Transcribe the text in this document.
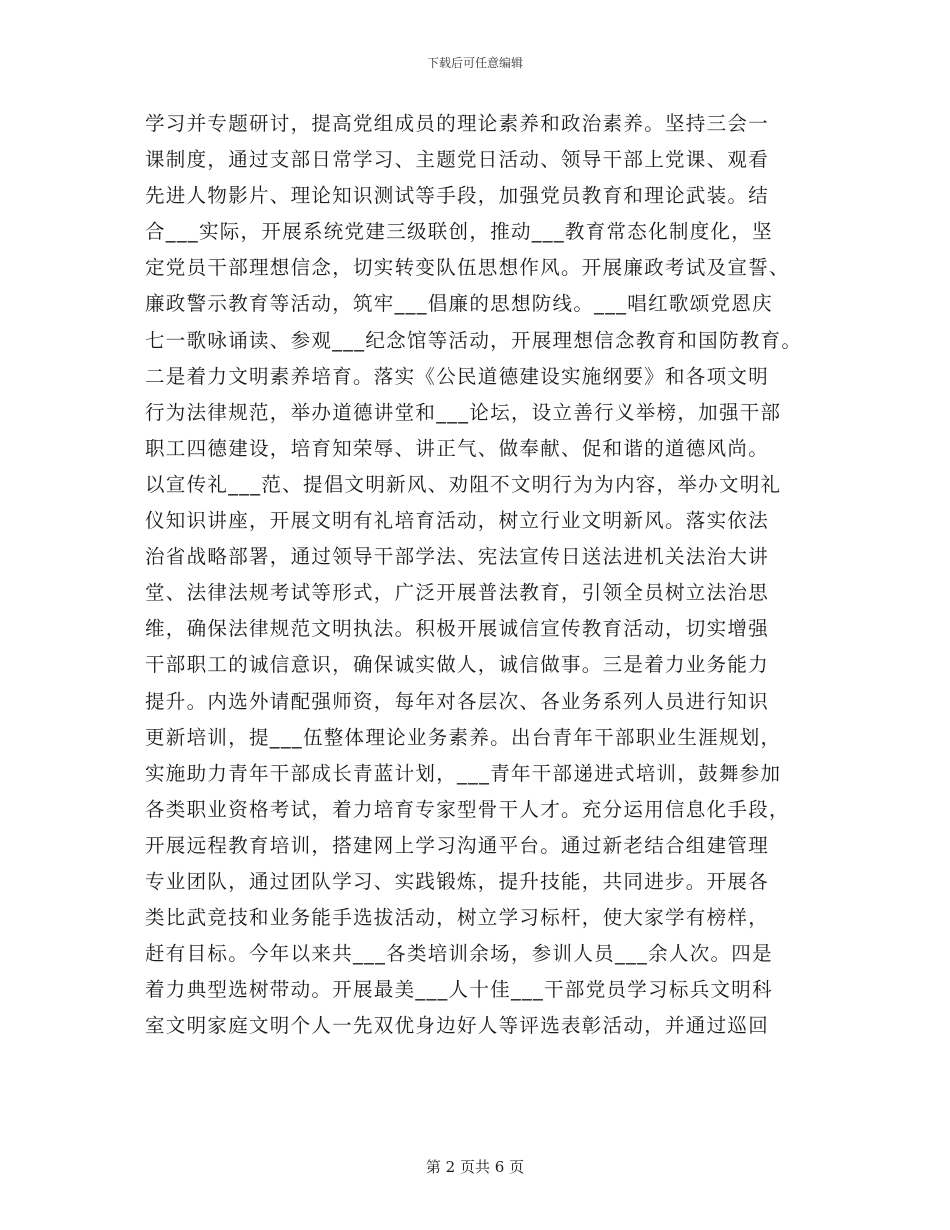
下载后可任意编辑
学习并专题研讨，提高党组成员的理论素养和政治素养。坚持三会一
课制度，通过支部日常学习、主题党日活动、领导干部上党课、观看
先进人物影片、理论知识测试等手段，加强党员教育和理论武装。结
合___实际，开展系统党建三级联创，推动___教育常态化制度化，坚
定党员干部理想信念，切实转变队伍思想作风。开展廉政考试及宣誓、
廉政警示教育等活动，筑牢___倡廉的思想防线。___唱红歌颂党恩庆
七一歌咏诵读、参观___纪念馆等活动，开展理想信念教育和国防教育。
二是着力文明素养培育。落实《公民道德建设实施纲要》和各项文明
行为法律规范，举办道德讲堂和___论坛，设立善行义举榜，加强干部
职工四德建设，培育知荣辱、讲正气、做奉献、促和谐的道德风尚。
以宣传礼___范、提倡文明新风、劝阻不文明行为为内容，举办文明礼
仪知识讲座，开展文明有礼培育活动，树立行业文明新风。落实依法
治省战略部署，通过领导干部学法、宪法宣传日送法进机关法治大讲
堂、法律法规考试等形式，广泛开展普法教育，引领全员树立法治思
维，确保法律规范文明执法。积极开展诚信宣传教育活动，切实增强
干部职工的诚信意识，确保诚实做人，诚信做事。三是着力业务能力
提升。内选外请配强师资，每年对各层次、各业务系列人员进行知识
更新培训，提___伍整体理论业务素养。出台青年干部职业生涯规划，
实施助力青年干部成长青蓝计划，___青年干部递进式培训，鼓舞参加
各类职业资格考试，着力培育专家型骨干人才。充分运用信息化手段，
开展远程教育培训，搭建网上学习沟通平台。通过新老结合组建管理
专业团队，通过团队学习、实践锻炼，提升技能，共同进步。开展各
类比武竞技和业务能手选拔活动，树立学习标杆，使大家学有榜样，
赶有目标。今年以来共___各类培训余场，参训人员___余人次。四是
着力典型选树带动。开展最美___人十佳___干部党员学习标兵文明科
室文明家庭文明个人一先双优身边好人等评选表彰活动，并通过巡回
第 2 页共 6 页
